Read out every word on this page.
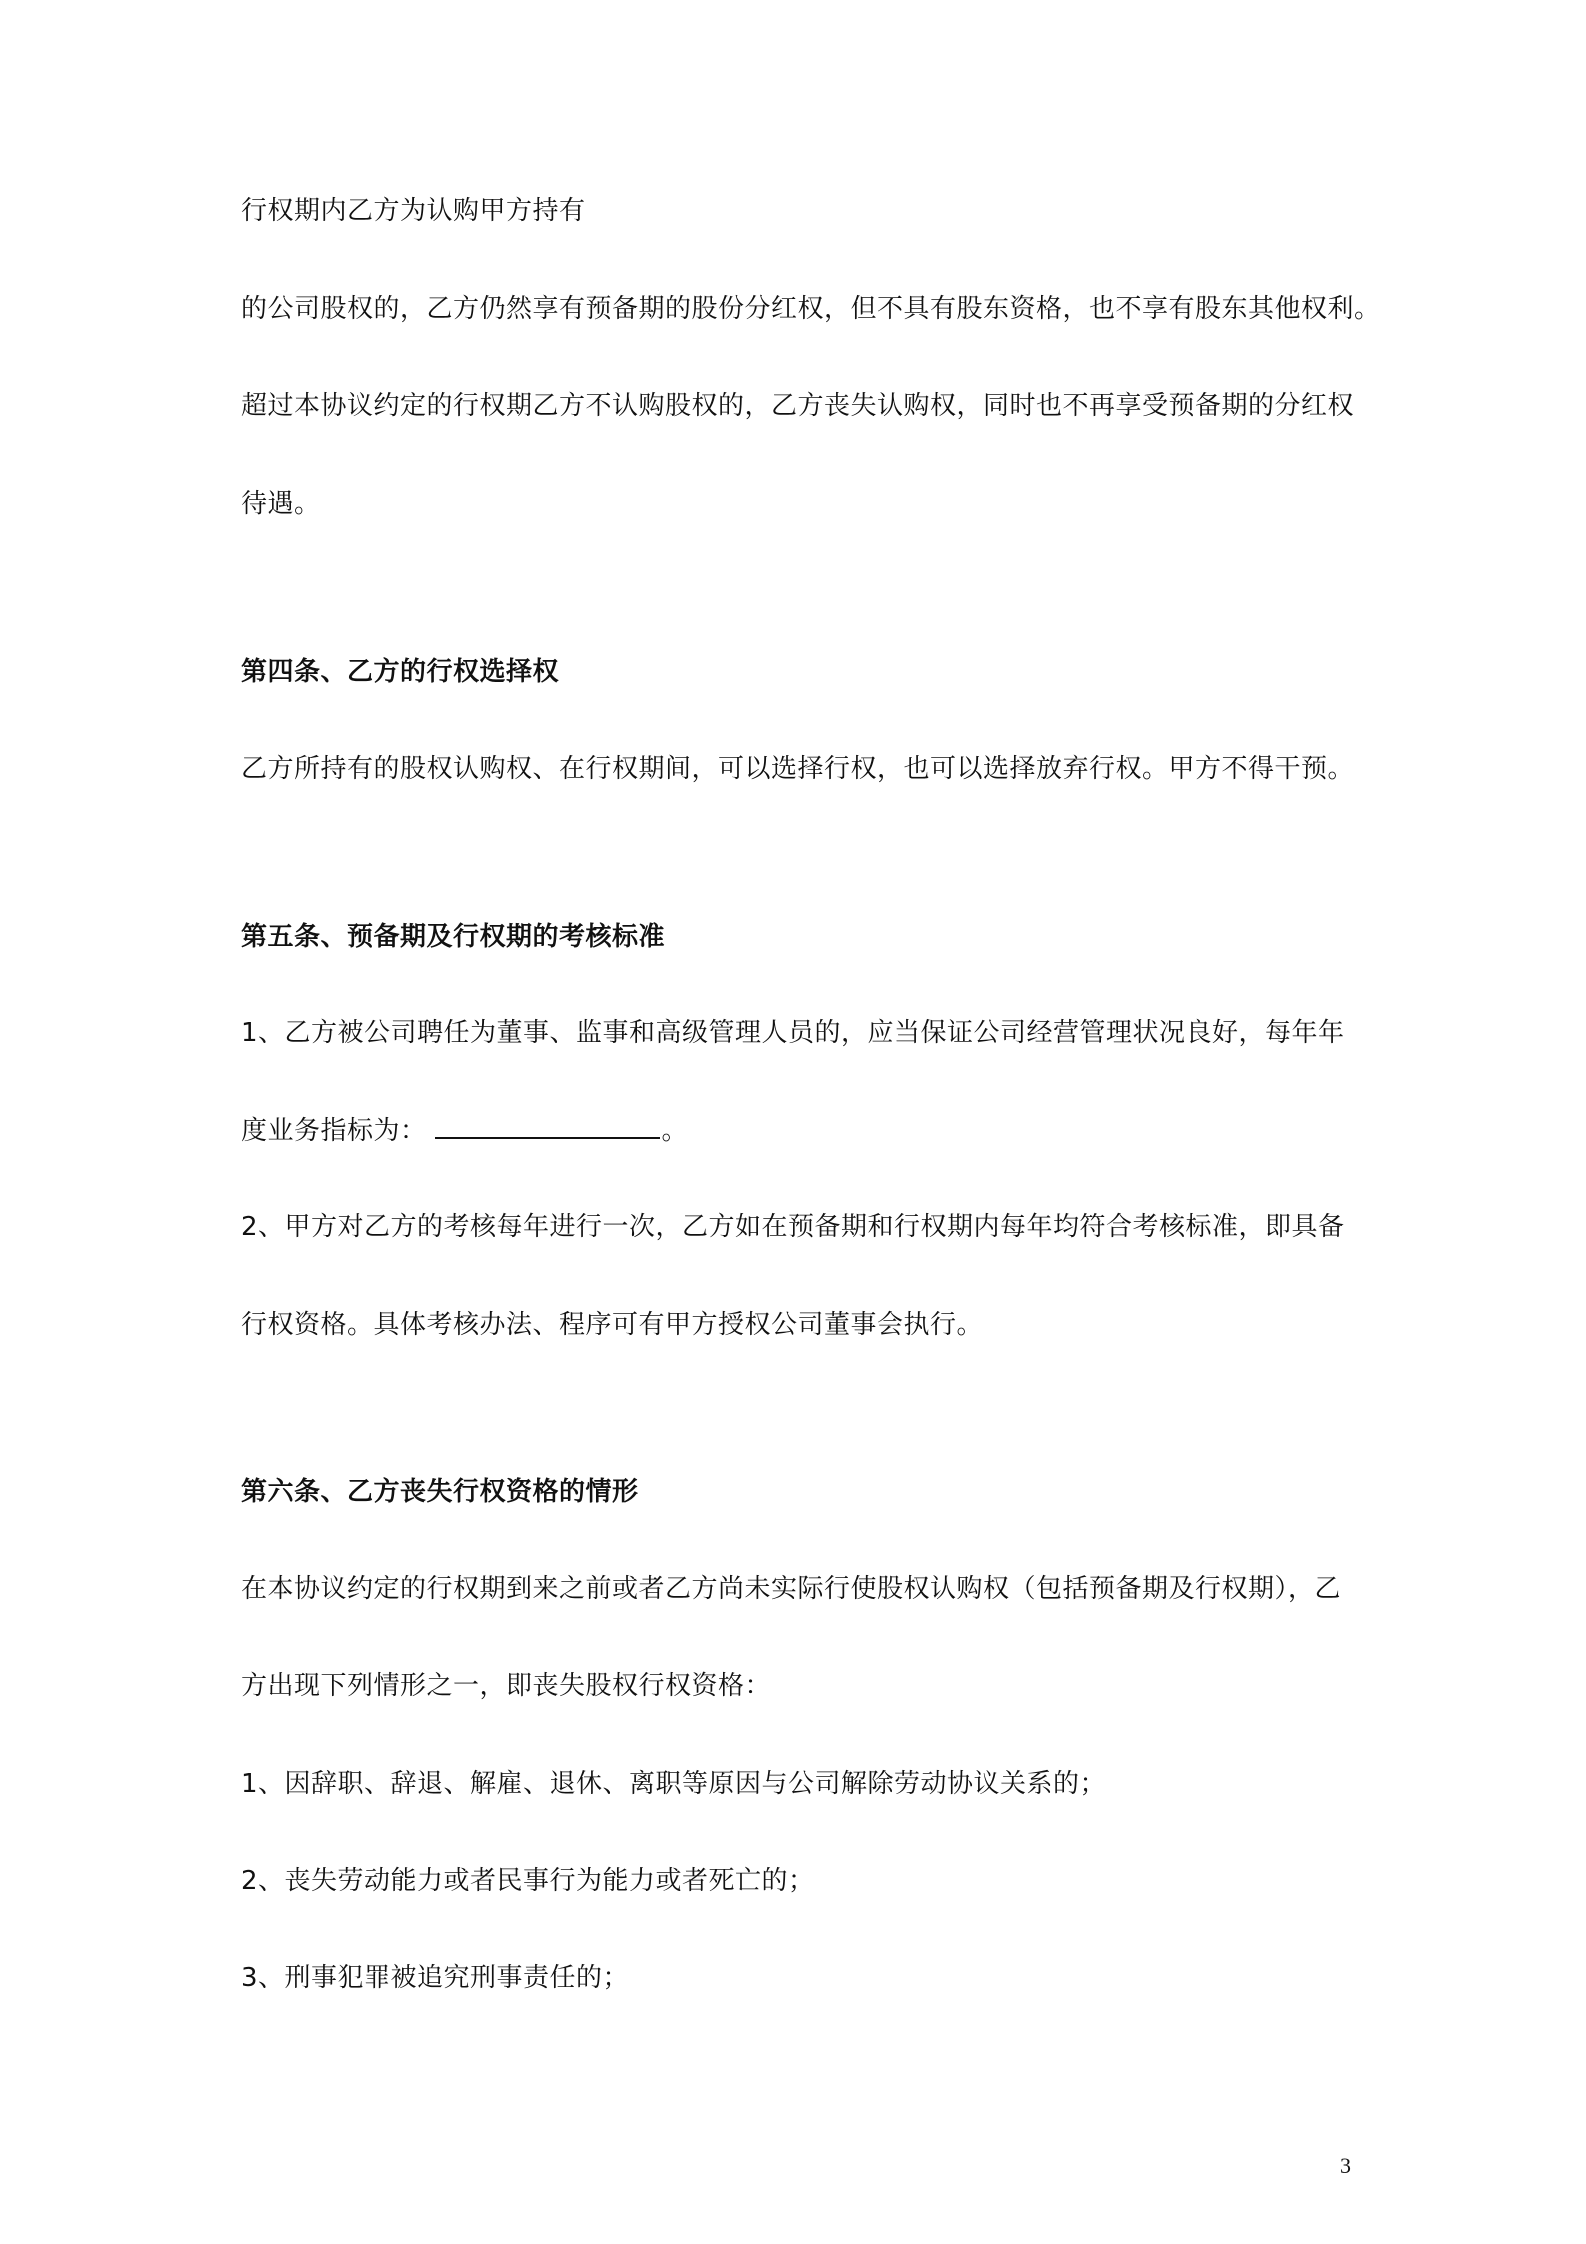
行权期内乙方为认购甲方持有
的公司股权的，乙方仍然享有预备期的股份分红权，但不具有股东资格，也不享有股东其他权利。
超过本协议约定的行权期乙方不认购股权的，乙方丧失认购权，同时也不再享受预备期的分红权
待遇。
第四条、乙方的行权选择权
乙方所持有的股权认购权、在行权期间，可以选择行权，也可以选择放弃行权。甲方不得干预。
第五条、预备期及行权期的考核标准
1、乙方被公司聘任为董事、监事和高级管理人员的，应当保证公司经营管理状况良好，每年年
度业务指标为：	。
2、甲方对乙方的考核每年进行一次，乙方如在预备期和行权期内每年均符合考核标准，即具备
行权资格。具体考核办法、程序可有甲方授权公司董事会执行。
第六条、乙方丧失行权资格的情形
在本协议约定的行权期到来之前或者乙方尚未实际行使股权认购权（包括预备期及行权期），乙
方出现下列情形之一，即丧失股权行权资格：
1、因辞职、辞退、解雇、退休、离职等原因与公司解除劳动协议关系的；
2、丧失劳动能力或者民事行为能力或者死亡的；
3、刑事犯罪被追究刑事责任的；
3
